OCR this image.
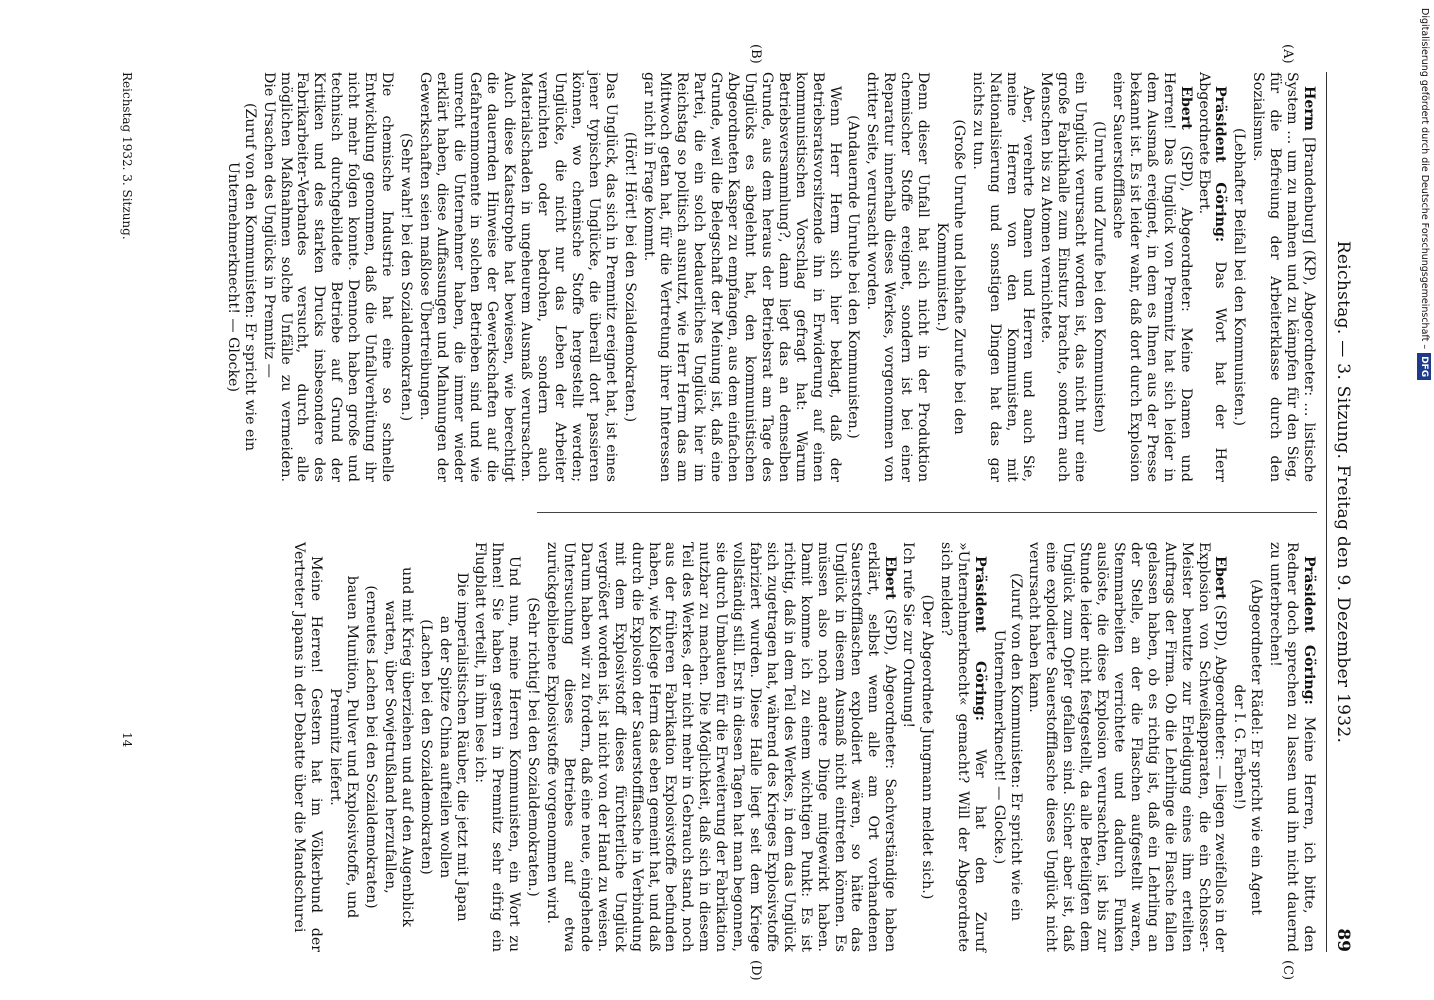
Reichstag. — 3. Sitzung. Freitag den 9. Dezember 1932.
89
(A)
(B)
(C)
(D)

Herm [Brandenburg] (KP), Abgeordneter: … listische System … um zu mahnen und zu kämpfen für den Sieg, für die Befreiung der Arbeiterklasse durch den Sozialismus.

(Lebhafter Beifall bei den Kommunisten.)

Präsident Göring: Das Wort hat der Herr Abgeordnete Ebert.

Ebert (SPD), Abgeordneter: Meine Damen und Herren! Das Unglück von Premnitz hat sich leider in dem Ausmaß ereignet, in dem es Ihnen aus der Presse bekannt ist. Es ist leider wahr, daß dort durch Explosion einer Sauerstoffflasche

(Unruhe und Zurufe bei den Kommunisten)

ein Unglück verursacht worden ist, das nicht nur eine große Fabrikhalle zum Einsturz brachte, sondern auch Menschen bis zu Atomen vernichtete.

Aber, verehrte Damen und Herren und auch Sie, meine Herren von den Kommunisten, mit Nationalisierung und sonstigen Dingen hat das gar nichts zu tun.

(Große Unruhe und lebhafte Zurufe bei den Kommunisten.)

Denn dieser Unfall hat sich nicht in der Produktion chemischer Stoffe ereignet, sondern ist bei einer Reparatur innerhalb dieses Werkes, vorgenommen von dritter Seite, verursacht worden.

(Andauernde Unruhe bei den Kommunisten.)

Wenn Herr Herm sich hier beklagt, daß der Betriebsratsvorsitzende ihn in Erwiderung auf einen kommunistischen Vorschlag gefragt hat: Warum Betriebsversammlung?, dann liegt das an demselben Grunde, aus dem heraus der Betriebsrat am Tage des Unglücks es abgelehnt hat, den kommunistischen Abgeordneten Kasper zu empfangen, aus dem einfachen Grunde, weil die Belegschaft der Meinung ist, daß eine Partei, die ein solch bedauerliches Unglück hier im Reichstag so politisch ausnutzt, wie Herr Herm das am Mittwoch getan hat, für die Vertretung ihrer Interessen gar nicht in Frage kommt.

(Hört! Hört! bei den Sozialdemokraten.)

Das Unglück, das sich in Premnitz ereignet hat, ist eines jener typischen Unglücke, die überall dort passieren können, wo chemische Stoffe hergestellt werden; Unglücke, die nicht nur das Leben der Arbeiter vernichten oder bedrohen, sondern auch Materialschaden in ungeheurem Ausmaß verursachen. Auch diese Katastrophe hat bewiesen, wie berechtigt die dauernden Hinweise der Gewerkschaften auf die Gefahrenmomente in solchen Betrieben sind und wie unrecht die Unternehmer haben, die immer wieder erklärt haben, diese Auffassungen und Mahnungen der Gewerkschaften seien maßlose Übertreibungen.

(Sehr wahr! bei den Sozialdemokraten.)

Die chemische Industrie hat eine so schnelle Entwicklung genommen, daß die Unfallverhütung ihr nicht mehr folgen konnte. Dennoch haben große und technisch durchgebildete Betriebe auf Grund der Kritiken und des starken Drucks insbesondere des Fabrikarbeiter-Verbandes versucht, durch alle möglichen Maßnahmen solche Unfälle zu vermeiden. Die Ursachen des Unglücks in Premnitz —

(Zuruf von den Kommunisten: Er spricht wie ein Unternehmerknecht! — Glocke)

Präsident Göring: Meine Herren, ich bitte, den Redner doch sprechen zu lassen und ihn nicht dauernd zu unterbrechen!

(Abgeordneter Rädel: Er spricht wie ein Agent der I. G. Farben!)

Ebert (SPD), Abgeordneter: — liegen zweifellos in der Explosion von Schweißapparaten, die ein Schlosser-Meister benutzte zur Erledigung eines ihm erteilten Auftrags der Firma. Ob die Lehrlinge die Flasche fallen gelassen haben, ob es richtig ist, daß ein Lehrling an der Stelle, an der die Flaschen aufgestellt waren, Stemmarbeiten verrichtete und dadurch Funken auslöste, die diese Explosion verursachten, ist bis zur Stunde leider nicht festgestellt, da alle Beteiligten dem Unglück zum Opfer gefallen sind. Sicher aber ist, daß eine explodierte Sauerstoffflasche dieses Unglück nicht verursacht haben kann.

(Zuruf von den Kommunisten: Er spricht wie ein Unternehmerknecht! — Glocke.)

Präsident Göring: Wer hat den Zuruf »Unternehmerknecht« gemacht? Will der Abgeordnete sich melden?

(Der Abgeordnete Jungmann meldet sich.)

Ich rufe Sie zur Ordnung!

Ebert (SPD), Abgeordneter: Sachverständige haben erklärt, selbst wenn alle am Ort vorhandenen Sauerstoffflaschen explodiert wären, so hätte das Unglück in diesem Ausmaß nicht eintreten können. Es müssen also noch andere Dinge mitgewirkt haben. Damit komme ich zu einem wichtigen Punkt: Es ist richtig, daß in dem Teil des Werkes, in dem das Unglück sich zugetragen hat, während des Krieges Explosivstoffe fabriziert wurden. Diese Halle liegt seit dem Kriege vollständig still. Erst in diesen Tagen hat man begonnen, sie durch Umbauten für die Erweiterung der Fabrikation nutzbar zu machen. Die Möglichkeit, daß sich in diesem Teil des Werkes, der nicht mehr in Gebrauch stand, noch aus der früheren Fabrikation Explosivstoffe befunden haben, wie Kollege Herm das eben gemeint hat, und daß durch die Explosion der Sauerstoffflasche in Verbindung mit dem Explosivstoff dieses fürchterliche Unglück vergrößert worden ist, ist nicht von der Hand zu weisen. Darum haben wir zu fordern, daß eine neue, eingehende Untersuchung dieses Betriebes auf etwa zurückgebliebene Explosivstoffe vorgenommen wird.

(Sehr richtig! bei den Sozialdemokraten.)

Und nun, meine Herren Kommunisten, ein Wort zu Ihnen! Sie haben gestern in Premnitz sehr eifrig ein Flugblatt verteilt, in ihm lese ich:

Die imperialistischen Räuber, die jetzt mit Japan an der Spitze China aufteilen wollen

(Lachen bei den Sozialdemokraten)

und mit Krieg überziehen und auf den Augenblick warten, über Sowjetrußland herzufallen,

(erneutes Lachen bei den Sozialdemokraten)

bauen Munition, Pulver und Explosivstoffe, und Premnitz liefert.

Meine Herren! Gestern hat im Völkerbund der Vertreter Japans in der Debatte über die Mandschurei

Reichstag 1932. 3. Sitzung.
14
Digitalisierung gefördert durch die Deutsche Forschungsgemeinschaft –DFG
